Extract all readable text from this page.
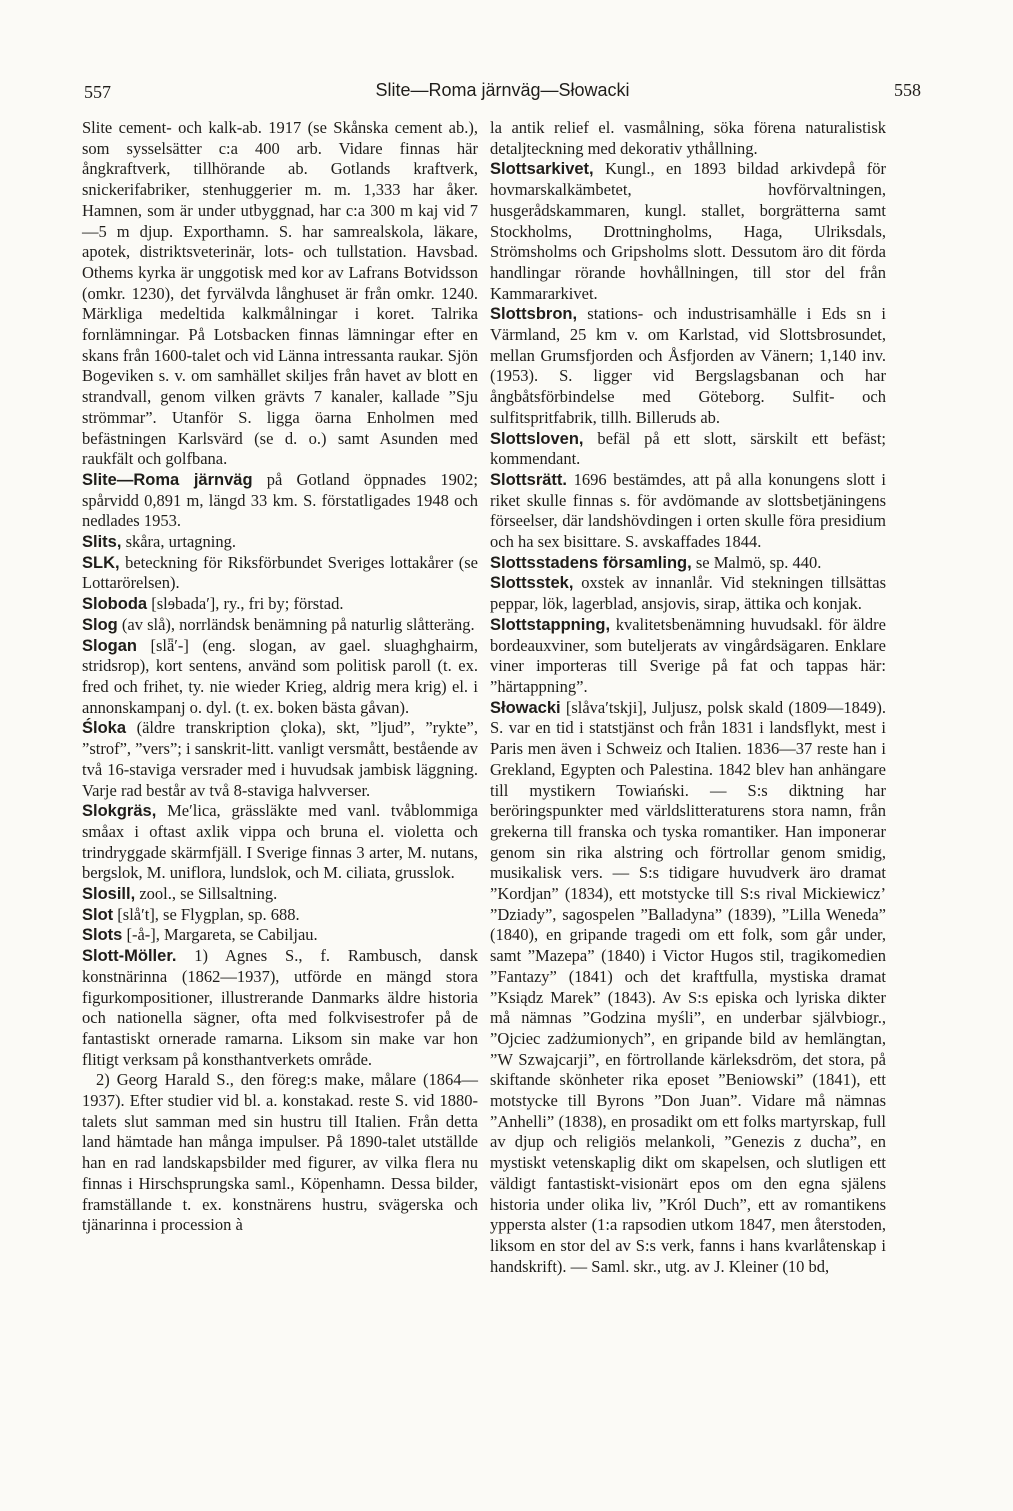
557	Slite—Roma järnväg—Słowacki	558

Slite cement- och kalk-ab. 1917 (se Skånska cement ab.), som sysselsätter c:a 400 arb. Vidare finnas här ångkraftverk, tillhörande ab. Gotlands kraftverk, snickerifabriker, stenhuggerier m. m. 1,333 har åker. Hamnen, som är under utbyggnad, har c:a 300 m kaj vid 7—5 m djup. Exporthamn. S. har samrealskola, läkare, apotek, distriktsveterinär, lots- och tullstation. Havsbad. Othems kyrka är unggotisk med kor av Lafrans Botvidsson (omkr. 1230), det fyrvälvda långhuset är från omkr. 1240. Märkliga medeltida kalkmålningar i koret. Talrika fornlämningar. På Lotsbacken finnas lämningar efter en skans från 1600-talet och vid Länna intressanta raukar. Sjön Bogeviken s. v. om samhället skiljes från havet av blott en strandvall, genom vilken grävts 7 kanaler, kallade ”Sju strömmar”. Utanför S. ligga öarna Enholmen med befästningen Karlsvärd (se d. o.) samt Asunden med raukfält och golfbana.

Slite—Roma järnväg på Gotland öppnades 1902; spårvidd 0,891 m, längd 33 km. S. förstatligades 1948 och nedlades 1953.

Slits, skåra, urtagning.

SLK, beteckning för Riksförbundet Sveriges lottakårer (se Lottarörelsen).

Sloboda [slɘbada′], ry., fri by; förstad.

Slog (av slå), norrländsk benämning på naturlig slåtteräng.

Slogan [slǟ′-] (eng. slogan, av gael. sluaghghairm, stridsrop), kort sentens, använd som politisk paroll (t. ex. fred och frihet, ty. nie wieder Krieg, aldrig mera krig) el. i annonskampanj o. dyl. (t. ex. boken bästa gåvan).

Śloka (äldre transkription çloka), skt, ”ljud”, ”rykte”, ”strof”, ”vers”; i sanskrit-litt. vanligt versmått, bestående av två 16-staviga versrader med i huvudsak jambisk läggning. Varje rad består av två 8-staviga halvverser.

Slokgräs, Me′lica, grässläkte med vanl. tvåblommiga småax i oftast axlik vippa och bruna el. violetta och trindryggade skärmfjäll. I Sverige finnas 3 arter, M. nutans, bergslok, M. uniflora, lundslok, och M. ciliata, grusslok.

Slosill, zool., se Sillsaltning.

Slot [slå′t], se Flygplan, sp. 688.

Slots [-å-], Margareta, se Cabiljau.

Slott-Möller. 1) Agnes S., f. Rambusch, dansk konstnärinna (1862—1937), utförde en mängd stora figurkompositioner, illustrerande Danmarks äldre historia och nationella sägner, ofta med folkvisestrofer på de fantastiskt ornerade ramarna. Liksom sin make var hon flitigt verksam på konsthantverkets område.

2) Georg Harald S., den föreg:s make, målare (1864—1937). Efter studier vid bl. a. konstakad. reste S. vid 1880-talets slut samman med sin hustru till Italien. Från detta land hämtade han många impulser. På 1890-talet utställde han en rad landskapsbilder med figurer, av vilka flera nu finnas i Hirschsprungska saml., Köpenhamn. Dessa bilder, framställande t. ex. konstnärens hustru, svägerska och tjänarinna i procession à

la antik relief el. vasmålning, söka förena naturalistisk detaljteckning med dekorativ ythållning.

Slottsarkivet, Kungl., en 1893 bildad arkivdepå för hovmarskalkämbetet, hovförvaltningen, husgerådskammaren, kungl. stallet, borgrätterna samt Stockholms, Drottningholms, Haga, Ulriksdals, Strömsholms och Gripsholms slott. Dessutom äro dit förda handlingar rörande hovhållningen, till stor del från Kammararkivet.

Slottsbron, stations- och industrisamhälle i Eds sn i Värmland, 25 km v. om Karlstad, vid Slottsbrosundet, mellan Grumsfjorden och Åsfjorden av Vänern; 1,140 inv. (1953). S. ligger vid Bergslagsbanan och har ångbåtsförbindelse med Göteborg. Sulfit- och sulfitspritfabrik, tillh. Billeruds ab.

Slottsloven, befäl på ett slott, särskilt ett befäst; kommendant.

Slottsrätt. 1696 bestämdes, att på alla konungens slott i riket skulle finnas s. för avdömande av slottsbetjäningens förseelser, där landshövdingen i orten skulle föra presidium och ha sex bisittare. S. avskaffades 1844.

Slottsstadens församling, se Malmö, sp. 440.

Slottsstek, oxstek av innanlår. Vid stekningen tillsättas peppar, lök, lagerblad, ansjovis, sirap, ättika och konjak.

Slottstappning, kvalitetsbenämning huvudsakl. för äldre bordeauxviner, som buteljerats av vingårdsägaren. Enklare viner importeras till Sverige på fat och tappas här: ”härtappning”.

Słowacki [slåva′tskji], Juljusz, polsk skald (1809—1849). S. var en tid i statstjänst och från 1831 i landsflykt, mest i Paris men även i Schweiz och Italien. 1836—37 reste han i Grekland, Egypten och Palestina. 1842 blev han anhängare till mystikern Towiański. — S:s diktning har beröringspunkter med världslitteraturens stora namn, från grekerna till franska och tyska romantiker. Han imponerar genom sin rika alstring och förtrollar genom smidig, musikalisk vers. — S:s tidigare huvudverk äro dramat ”Kordjan” (1834), ett motstycke till S:s rival Mickiewicz’ ”Dziady”, sagospelen ”Balladyna” (1839), ”Lilla Weneda” (1840), en gripande tragedi om ett folk, som går under, samt ”Mazepa” (1840) i Victor Hugos stil, tragikomedien ”Fantazy” (1841) och det kraftfulla, mystiska dramat ”Ksiądz Marek” (1843). Av S:s episka och lyriska dikter må nämnas ”Godzina myśli”, en underbar självbiogr., ”Ojciec zadżumionych”, en gripande bild av hemlängtan, ”W Szwajcarji”, en förtrollande kärleksdröm, det stora, på skiftande skönheter rika eposet ”Beniowski” (1841), ett motstycke till Byrons ”Don Juan”. Vidare må nämnas ”Anhelli” (1838), en prosadikt om ett folks martyrskap, full av djup och religiös melankoli, ”Genezis z ducha”, en mystiskt vetenskaplig dikt om skapelsen, och slutligen ett väldigt fantastiskt-visionärt epos om den egna själens historia under olika liv, ”Król Duch”, ett av romantikens yppersta alster (1:a rapsodien utkom 1847, men återstoden, liksom en stor del av S:s verk, fanns i hans kvarlåtenskap i handskrift). — Saml. skr., utg. av J. Kleiner (10 bd,
